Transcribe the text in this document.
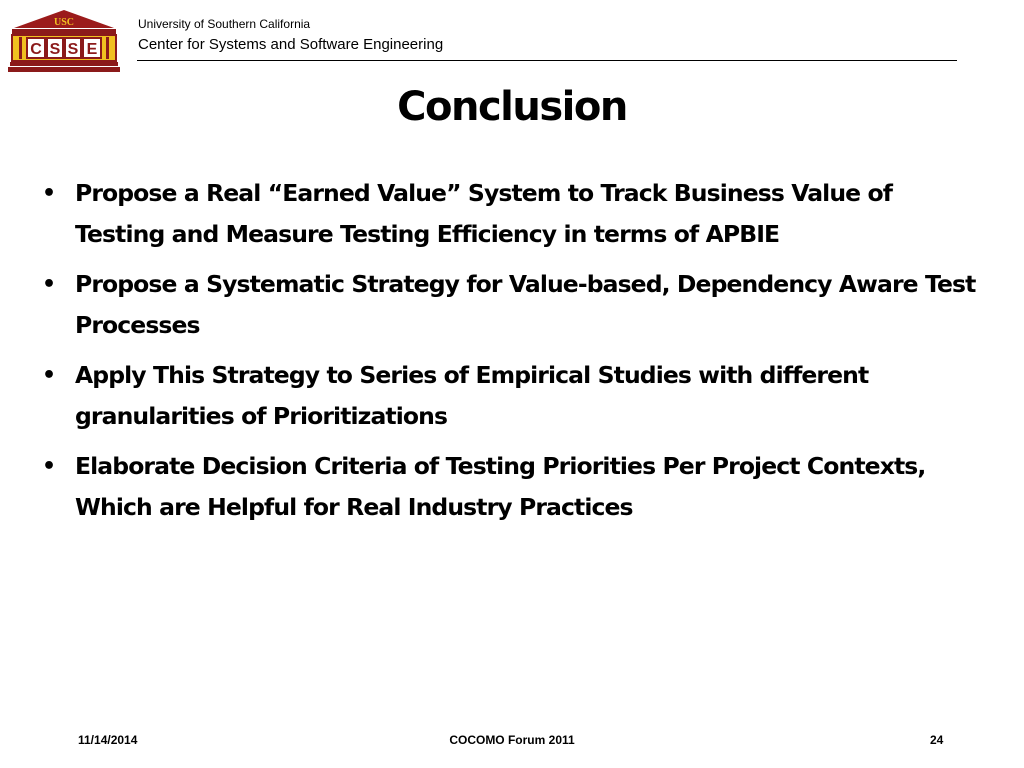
USC
C S S E
University of Southern California
Center for Systems and Software Engineering
Conclusion
• Propose a Real “Earned Value” System to Track Business Value of Testing and Measure Testing Efficiency in terms of APBIE
• Propose a Systematic Strategy for Value-based, Dependency Aware Test Processes
• Apply This Strategy to Series of Empirical Studies with different granularities of Prioritizations
• Elaborate Decision Criteria of Testing Priorities Per Project Contexts, Which are Helpful for Real Industry Practices
11/14/2014	COCOMO Forum 2011	24
